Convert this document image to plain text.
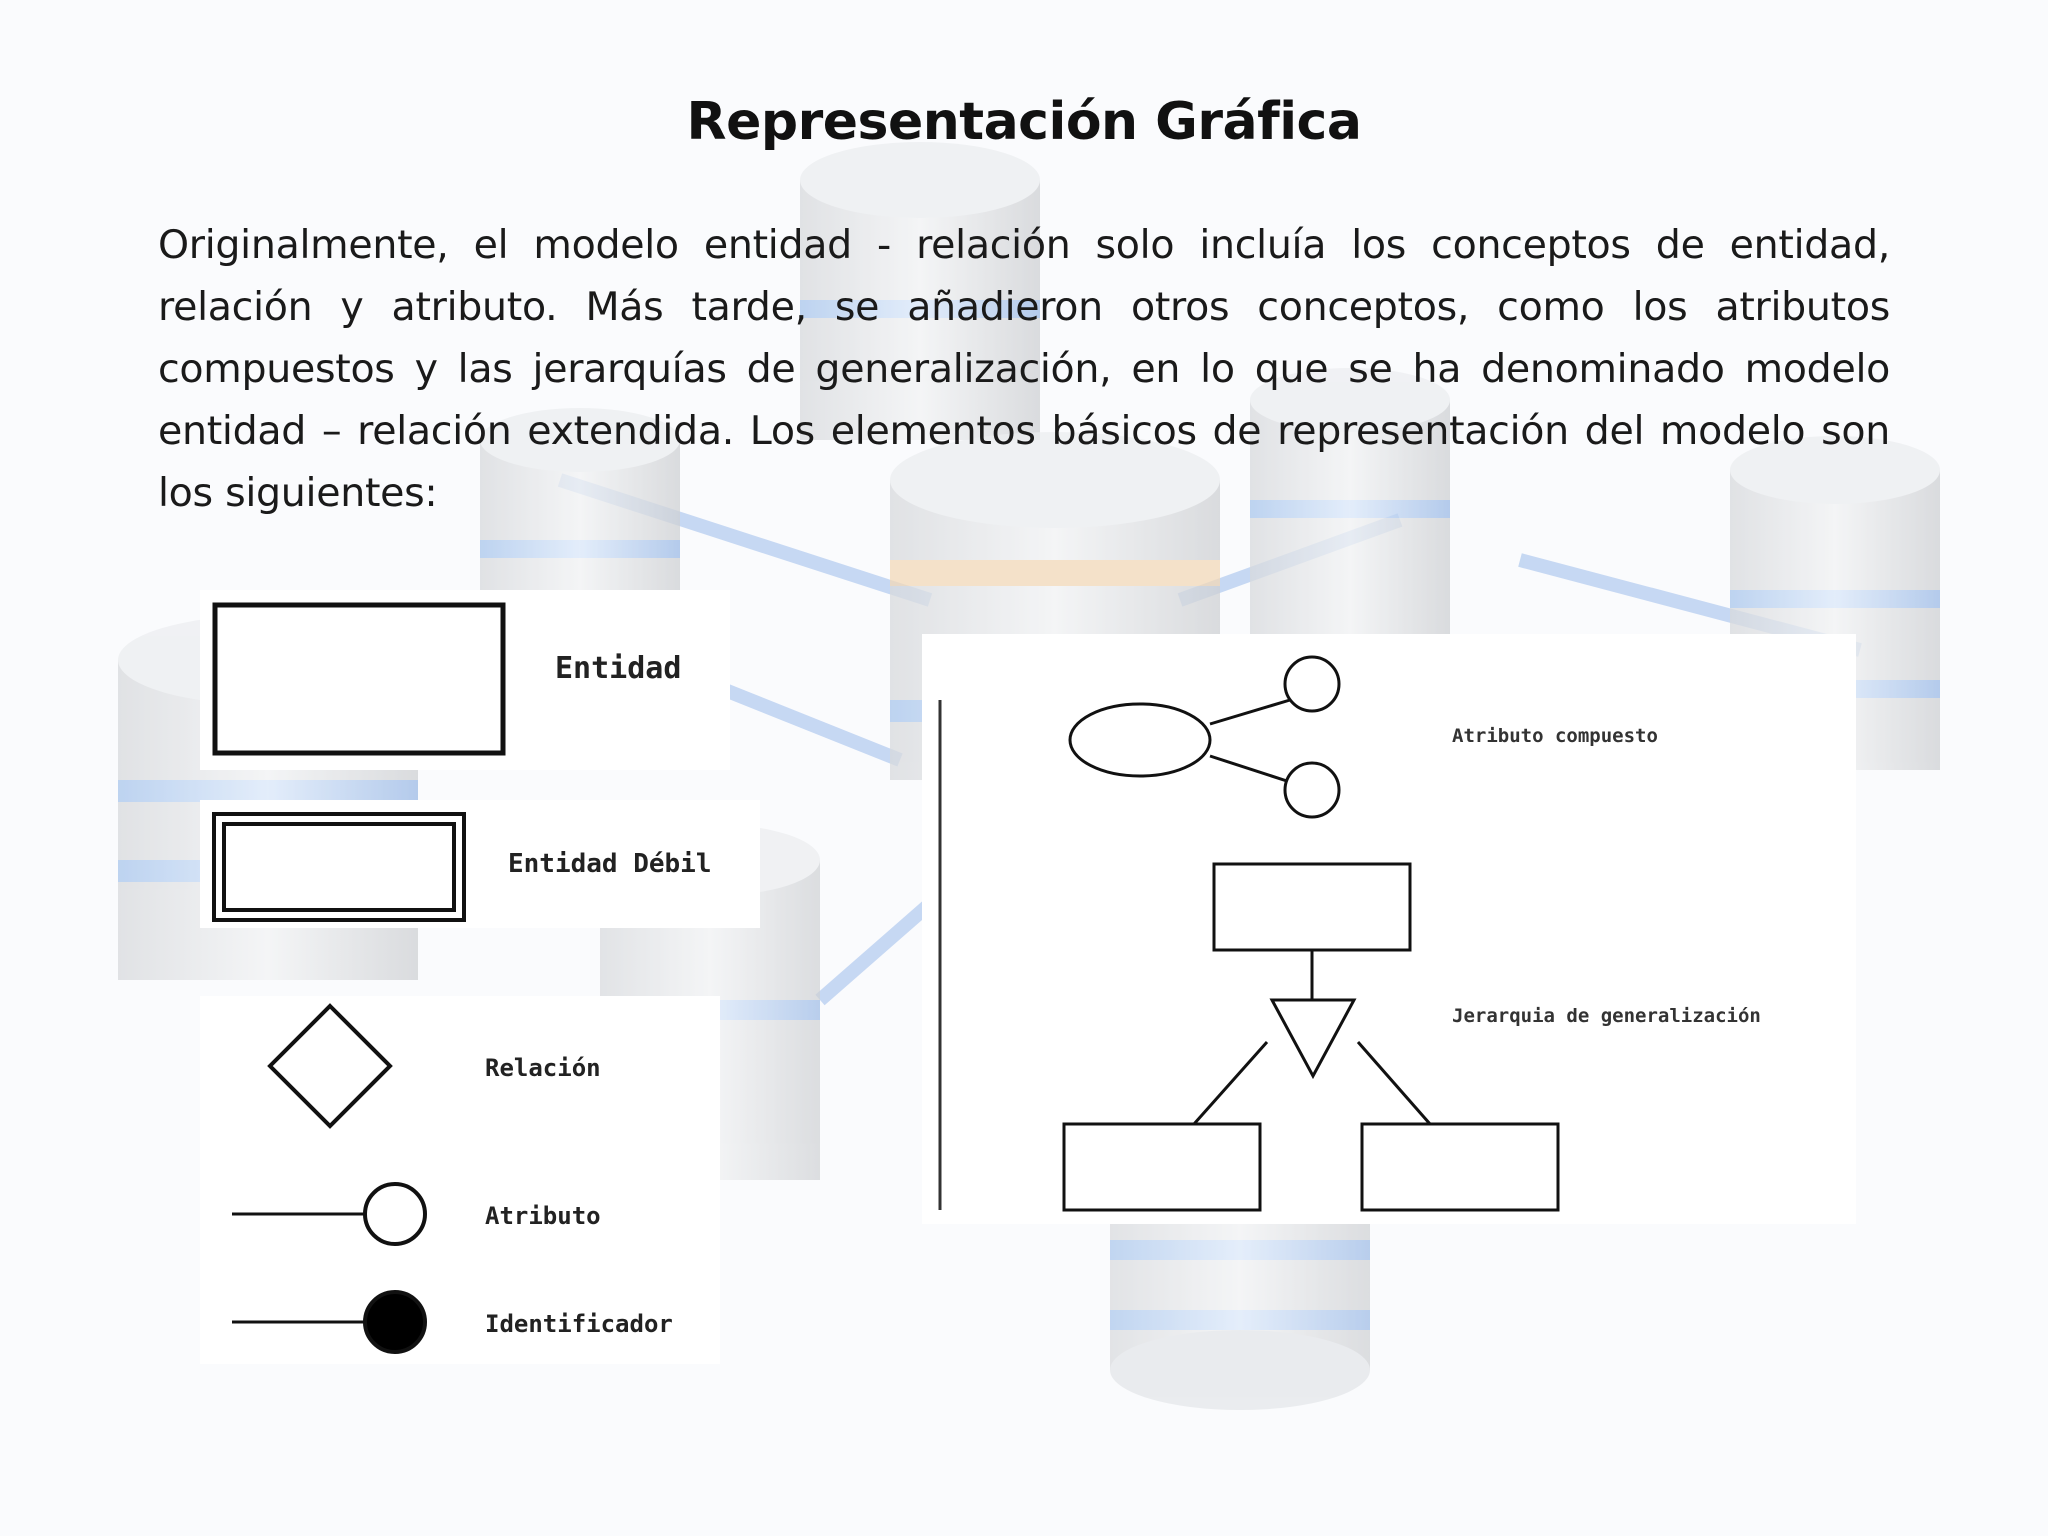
Representación Gráfica
Originalmente, el modelo entidad - relación solo incluía los conceptos de entidad, relación y atributo. Más tarde, se añadieron otros conceptos, como los atributos compuestos y las jerarquías de generalización, en lo que se ha denominado modelo entidad – relación extendida. Los elementos básicos de representación del modelo son los siguientes:
Entidad
Entidad Débil
Relación
Atributo
Identificador
Atributo compuesto
Jerarquia de generalización
